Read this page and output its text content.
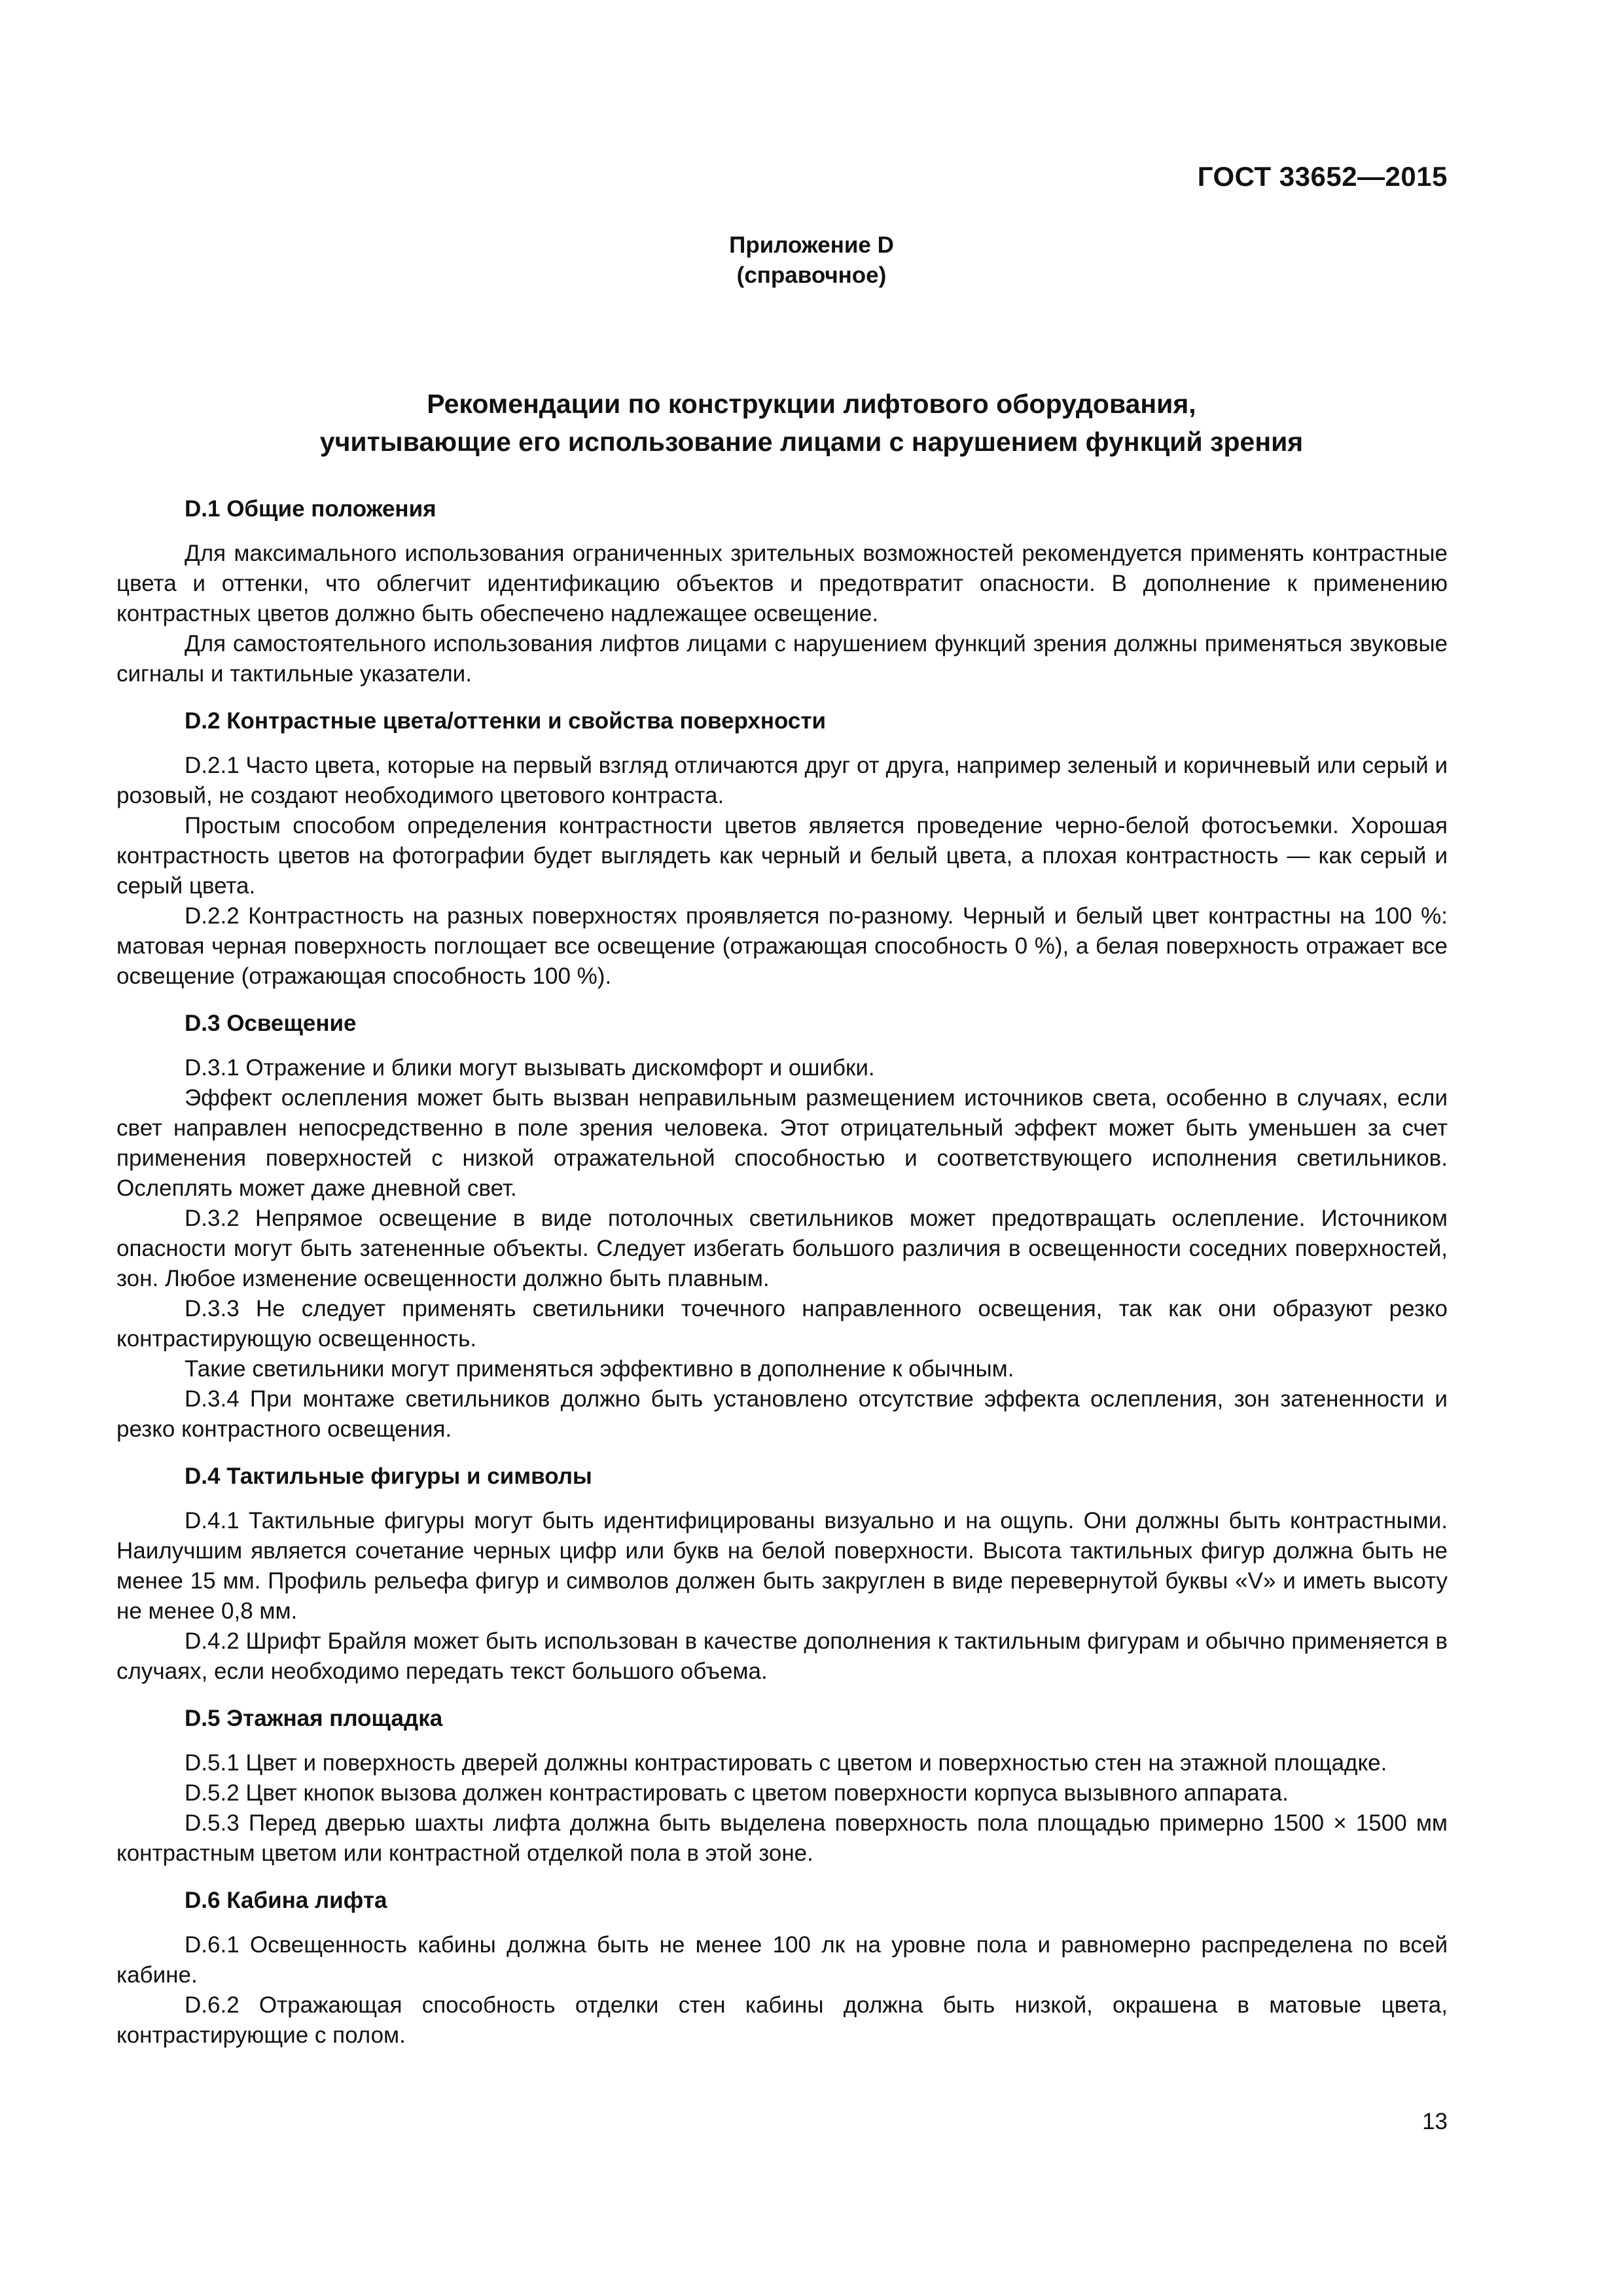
ГОСТ 33652—2015
Приложение D
(справочное)
Рекомендации по конструкции лифтового оборудования,
учитывающие его использование лицами с нарушением функций зрения
D.1 Общие положения

Для максимального использования ограниченных зрительных возможностей рекомендуется применять контрастные цвета и оттенки, что облегчит идентификацию объектов и предотвратит опасности. В дополнение к применению контрастных цветов должно быть обеспечено надлежащее освещение.

Для самостоятельного использования лифтов лицами с нарушением функций зрения должны применяться звуковые сигналы и тактильные указатели.

D.2 Контрастные цвета/оттенки и свойства поверхности

D.2.1 Часто цвета, которые на первый взгляд отличаются друг от друга, например зеленый и коричневый или серый и розовый, не создают необходимого цветового контраста.

Простым способом определения контрастности цветов является проведение черно-белой фотосъемки. Хорошая контрастность цветов на фотографии будет выглядеть как черный и белый цвета, а плохая контрастность — как серый и серый цвета.

D.2.2 Контрастность на разных поверхностях проявляется по-разному. Черный и белый цвет контрастны на 100 %: матовая черная поверхность поглощает все освещение (отражающая способность 0 %), а белая поверхность отражает все освещение (отражающая способность 100 %).

D.3 Освещение

D.3.1 Отражение и блики могут вызывать дискомфорт и ошибки.

Эффект ослепления может быть вызван неправильным размещением источников света, особенно в случаях, если свет направлен непосредственно в поле зрения человека. Этот отрицательный эффект может быть уменьшен за счет применения поверхностей с низкой отражательной способностью и соответствующего исполнения светильников. Ослеплять может даже дневной свет.

D.3.2 Непрямое освещение в виде потолочных светильников может предотвращать ослепление. Источником опасности могут быть затененные объекты. Следует избегать большого различия в освещенности соседних поверхностей, зон. Любое изменение освещенности должно быть плавным.

D.3.3 Не следует применять светильники точечного направленного освещения, так как они образуют резко контрастирующую освещенность.

Такие светильники могут применяться эффективно в дополнение к обычным.

D.3.4 При монтаже светильников должно быть установлено отсутствие эффекта ослепления, зон затененности и резко контрастного освещения.

D.4 Тактильные фигуры и символы

D.4.1 Тактильные фигуры могут быть идентифицированы визуально и на ощупь. Они должны быть контрастными. Наилучшим является сочетание черных цифр или букв на белой поверхности. Высота тактильных фигур должна быть не менее 15 мм. Профиль рельефа фигур и символов должен быть закруглен в виде перевернутой буквы «V» и иметь высоту не менее 0,8 мм.

D.4.2 Шрифт Брайля может быть использован в качестве дополнения к тактильным фигурам и обычно применяется в случаях, если необходимо передать текст большого объема.

D.5 Этажная площадка

D.5.1 Цвет и поверхность дверей должны контрастировать с цветом и поверхностью стен на этажной площадке.

D.5.2 Цвет кнопок вызова должен контрастировать с цветом поверхности корпуса вызывного аппарата.

D.5.3 Перед дверью шахты лифта должна быть выделена поверхность пола площадью примерно 1500 × 1500 мм контрастным цветом или контрастной отделкой пола в этой зоне.

D.6 Кабина лифта

D.6.1 Освещенность кабины должна быть не менее 100 лк на уровне пола и равномерно распределена по всей кабине.

D.6.2 Отражающая способность отделки стен кабины должна быть низкой, окрашена в матовые цвета, контрастирующие с полом.

13
